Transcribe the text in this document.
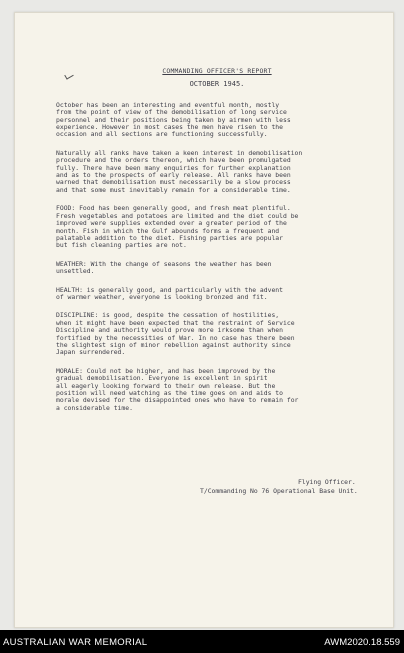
COMMANDING OFFICER'S REPORT
OCTOBER 1945.
October has been an interesting and eventful month, mostly
from the point of view of the demobilisation of long service
personnel and their positions being taken by airmen with less
experience. However in most cases the men have risen to the
occasion and all sections are functioning successfully.
Naturally all ranks have taken a keen interest in demobilisation
procedure and the orders thereon, which have been promulgated
fully. There have been many enquiries for further explanation
and as to the prospects of early release. All ranks have been
warned that demobilisation must necessarily be a slow process
and that some must inevitably remain for a considerable time.
FOOD: Food has been generally good, and fresh meat plentiful.
Fresh vegetables and potatoes are limited and the diet could be
improved were supplies extended over a greater period of the
month. Fish in which the Gulf abounds forms a frequent and
palatable addition to the diet. Fishing parties are popular
but fish cleaning parties are not.
WEATHER: With the change of seasons the weather has been
unsettled.
HEALTH: is generally good, and particularly with the advent
of warmer weather, everyone is looking bronzed and fit.
DISCIPLINE: is good, despite the cessation of hostilities,
when it might have been expected that the restraint of Service
Discipline and authority would prove more irksome than when
fortified by the necessities of War. In no case has there been
the slightest sign of minor rebellion against authority since
Japan surrendered.
MORALE: Could not be higher, and has been improved by the
gradual demobilisation. Everyone is excellent in spirit
all eagerly looking forward to their own release. But the
position will need watching as the time goes on and aids to
morale devised for the disappointed ones who have to remain for
a considerable time.
Flying Officer.
T/Commanding No 76 Operational Base Unit.
AUSTRALIAN WAR MEMORIAL	AWM2020.18.559
